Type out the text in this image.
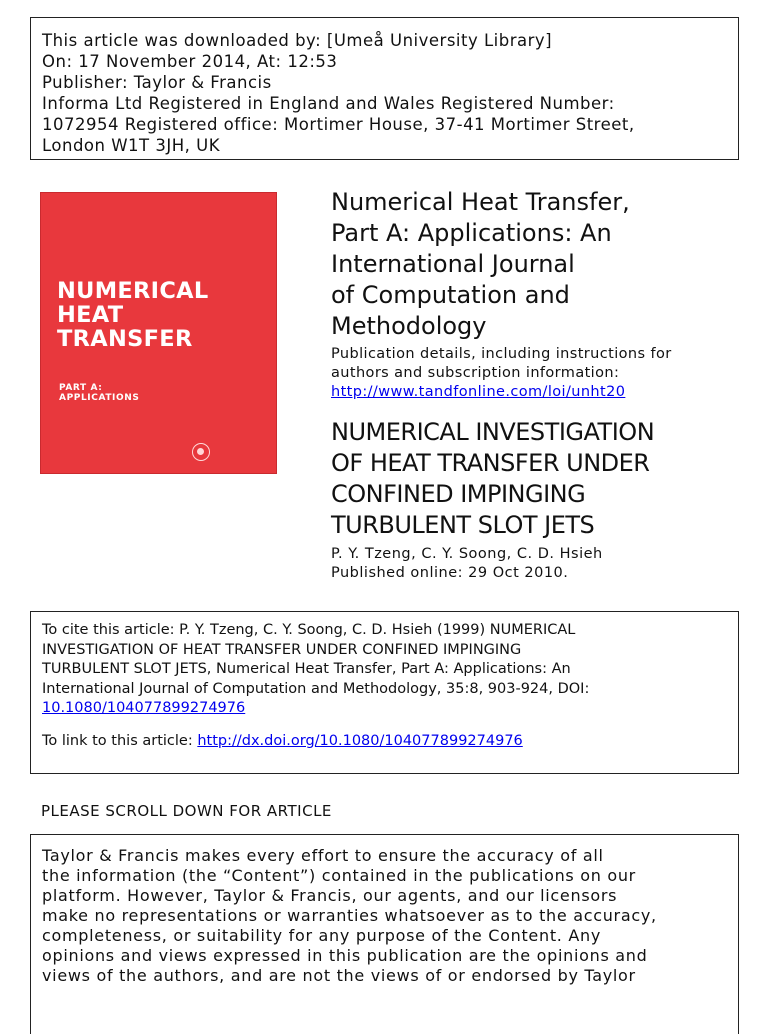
This article was downloaded by: [Umeå University Library]
On: 17 November 2014, At: 12:53
Publisher: Taylor & Francis
Informa Ltd Registered in England and Wales Registered Number:
1072954 Registered office: Mortimer House, 37-41 Mortimer Street,
London W1T 3JH, UK
NUMERICAL
HEAT
TRANSFER
PART A:
APPLICATIONS
Numerical Heat Transfer,
Part A: Applications: An
International Journal
of Computation and
Methodology
Publication details, including instructions for
authors and subscription information:
http://www.tandfonline.com/loi/unht20
NUMERICAL INVESTIGATION
OF HEAT TRANSFER UNDER
CONFINED IMPINGING
TURBULENT SLOT JETS
P. Y. Tzeng, C. Y. Soong, C. D. Hsieh
Published online: 29 Oct 2010.
To cite this article: P. Y. Tzeng, C. Y. Soong, C. D. Hsieh (1999) NUMERICAL
INVESTIGATION OF HEAT TRANSFER UNDER CONFINED IMPINGING
TURBULENT SLOT JETS, Numerical Heat Transfer, Part A: Applications: An
International Journal of Computation and Methodology, 35:8, 903-924, DOI:
10.1080/104077899274976
To link to this article: http://dx.doi.org/10.1080/104077899274976
PLEASE SCROLL DOWN FOR ARTICLE
Taylor & Francis makes every effort to ensure the accuracy of all
the information (the “Content”) contained in the publications on our
platform. However, Taylor & Francis, our agents, and our licensors
make no representations or warranties whatsoever as to the accuracy,
completeness, or suitability for any purpose of the Content. Any
opinions and views expressed in this publication are the opinions and
views of the authors, and are not the views of or endorsed by Taylor
